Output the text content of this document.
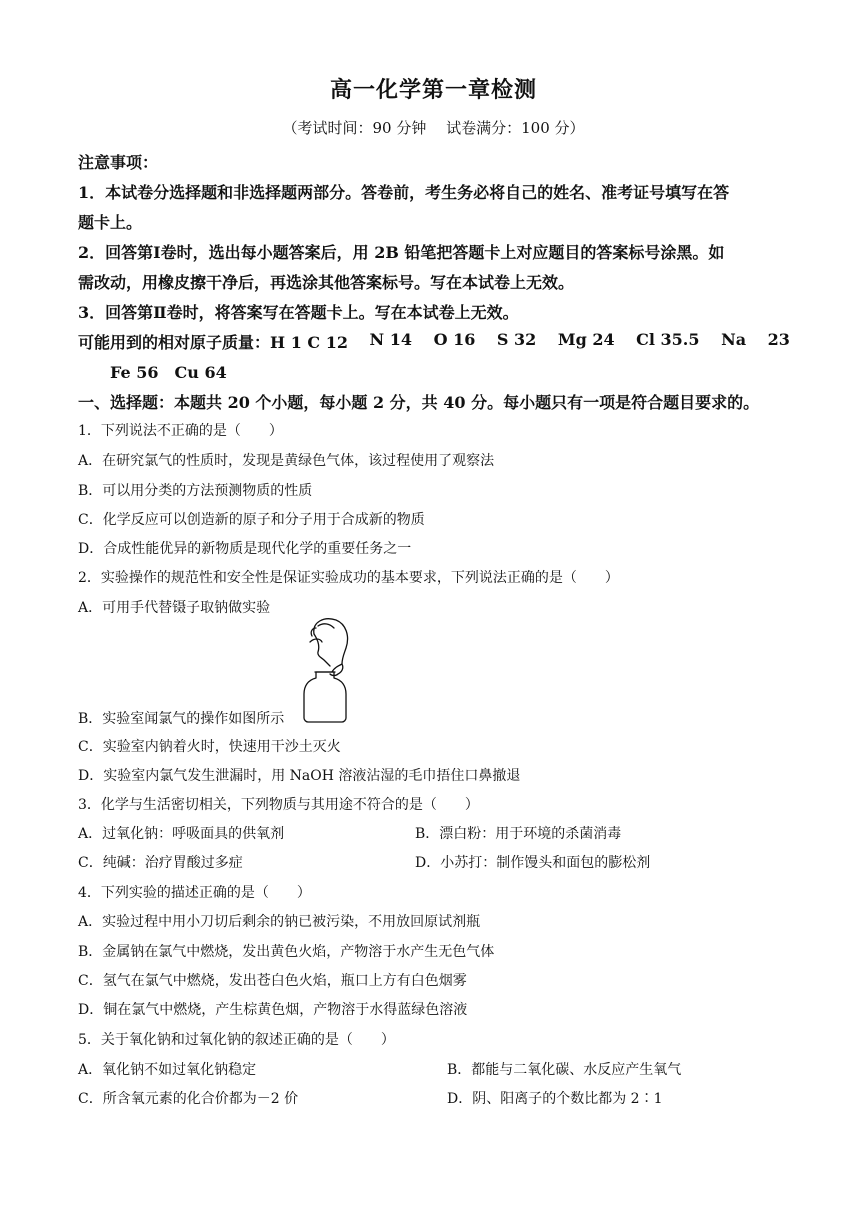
高一化学第一章检测
（考试时间：90 分钟　 试卷满分：100 分）
注意事项：
1．本试卷分选择题和非选择题两部分。答卷前，考生务必将自己的姓名、准考证号填写在答
题卡上。
2．回答第Ⅰ卷时，选出每小题答案后，用 2B 铅笔把答题卡上对应题目的答案标号涂黑。如
需改动，用橡皮擦干净后，再选涂其他答案标号。写在本试卷上无效。
3．回答第Ⅱ卷时，将答案写在答题卡上。写在本试卷上无效。
可能用到的相对原子质量：H 1 C 12 N 14 O 16 S 32 Mg 24 Cl 35.5 Na 23
Fe 56　Cu 64
一、选择题：本题共 20 个小题，每小题 2 分，共 40 分。每小题只有一项是符合题目要求的。
1．下列说法不正确的是（　　）
A．在研究氯气的性质时，发现是黄绿色气体，该过程使用了观察法
B．可以用分类的方法预测物质的性质
C．化学反应可以创造新的原子和分子用于合成新的物质
D．合成性能优异的新物质是现代化学的重要任务之一
2．实验操作的规范性和安全性是保证实验成功的基本要求，下列说法正确的是（　　）
A．可用手代替镊子取钠做实验
B．实验室闻氯气的操作如图所示
C．实验室内钠着火时，快速用干沙土灭火
D．实验室内氯气发生泄漏时，用 NaOH 溶液沾湿的毛巾捂住口鼻撤退
3．化学与生活密切相关，下列物质与其用途不符合的是（　　）
A．过氧化钠：呼吸面具的供氧剂	B．漂白粉：用于环境的杀菌消毒
C．纯碱：治疗胃酸过多症	D．小苏打：制作馒头和面包的膨松剂
4．下列实验的描述正确的是（　　）
A．实验过程中用小刀切后剩余的钠已被污染，不用放回原试剂瓶
B．金属钠在氯气中燃烧，发出黄色火焰，产物溶于水产生无色气体
C．氢气在氯气中燃烧，发出苍白色火焰，瓶口上方有白色烟雾
D．铜在氯气中燃烧，产生棕黄色烟，产物溶于水得蓝绿色溶液
5．关于氧化钠和过氧化钠的叙述正确的是（　　）
A．氧化钠不如过氧化钠稳定	B．都能与二氧化碳、水反应产生氧气
C．所含氧元素的化合价都为－2 价	D．阴、阳离子的个数比都为 2∶1
